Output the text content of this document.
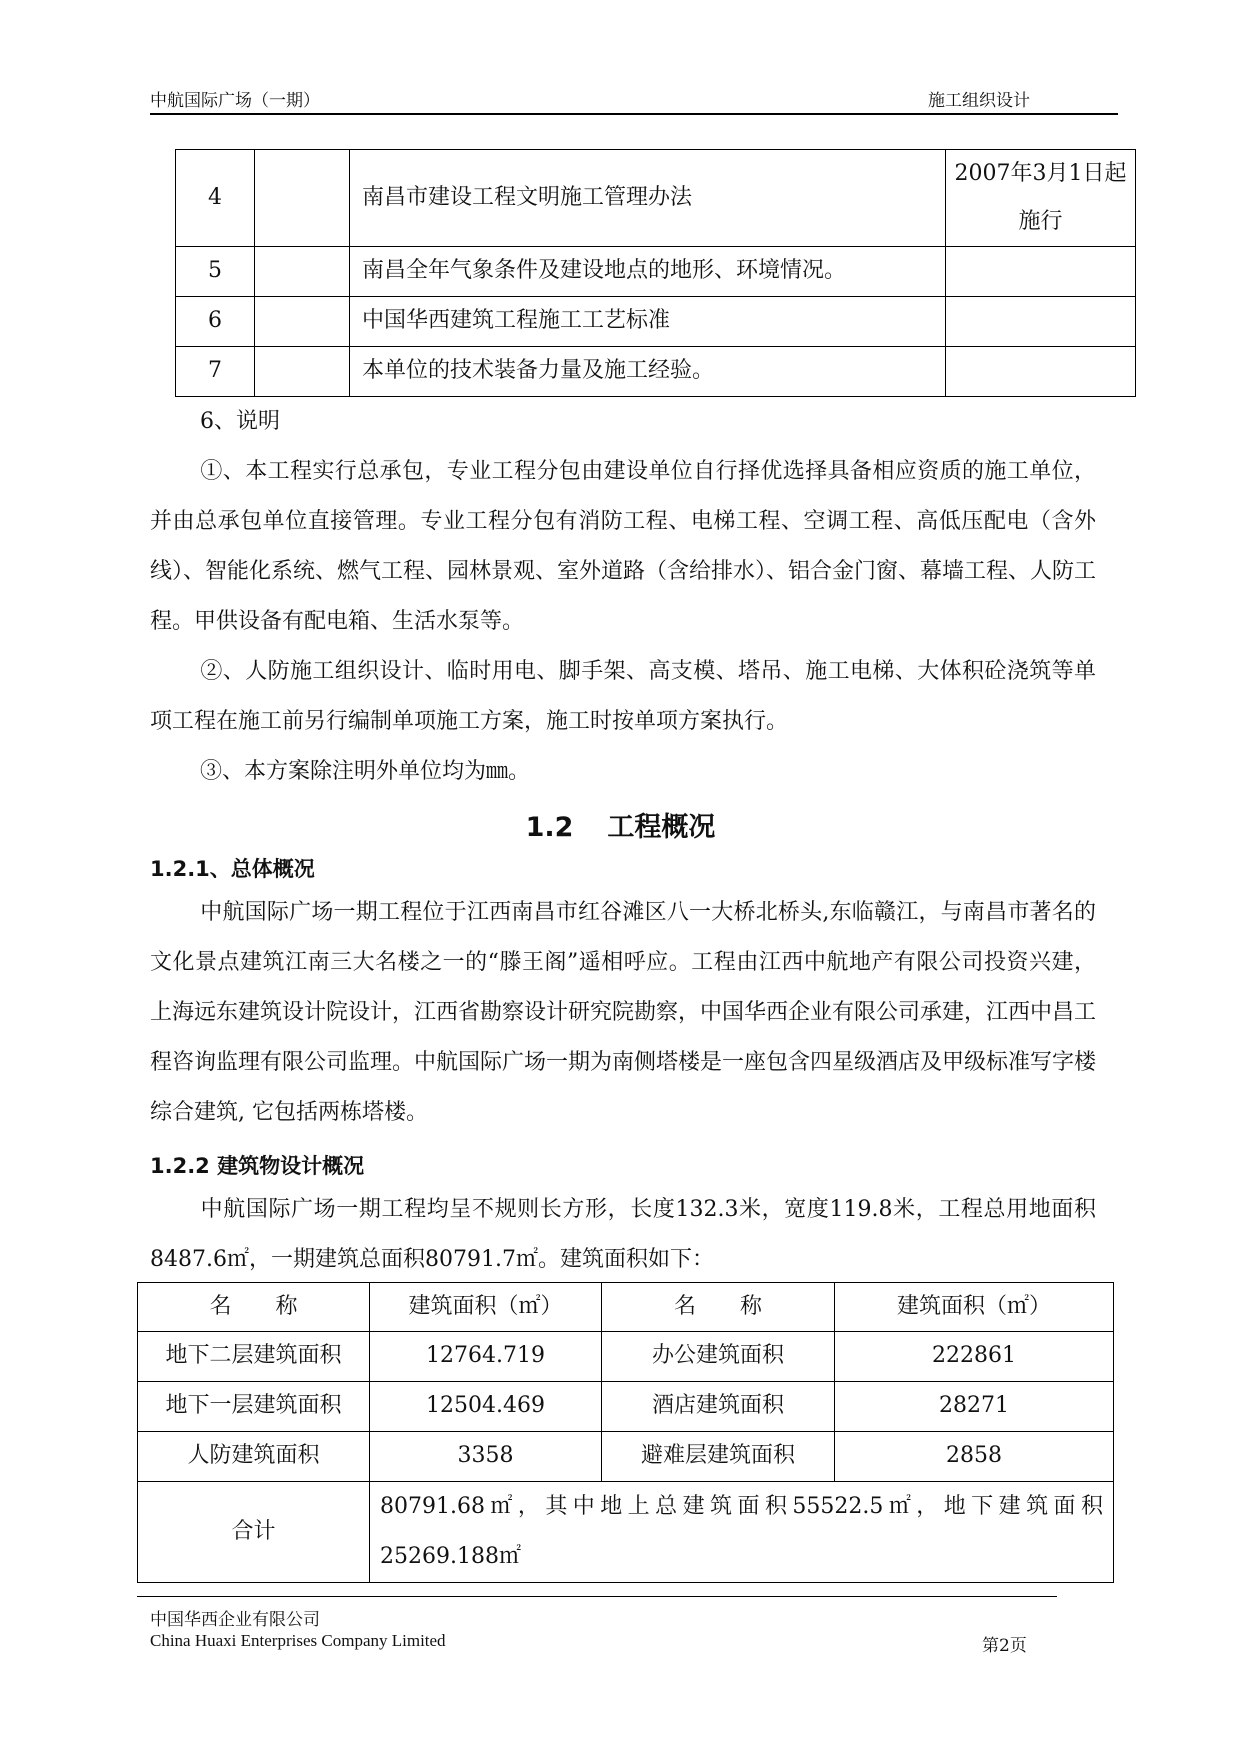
中航国际广场（一期）	施工组织设计
4		南昌市建设工程文明施工管理办法	2007年3月1日起施行
5		南昌全年气象条件及建设地点的地形、环境情况。	
6		中国华西建筑工程施工工艺标准	
7		本单位的技术装备力量及施工经验。	
6、说明
①、本工程实行总承包，专业工程分包由建设单位自行择优选择具备相应资质的施工单位，并由总承包单位直接管理。专业工程分包有消防工程、电梯工程、空调工程、高低压配电（含外线）、智能化系统、燃气工程、园林景观、室外道路（含给排水）、铝合金门窗、幕墙工程、人防工程。甲供设备有配电箱、生活水泵等。
②、人防施工组织设计、临时用电、脚手架、高支模、塔吊、施工电梯、大体积砼浇筑等单项工程在施工前另行编制单项施工方案，施工时按单项方案执行。
③、本方案除注明外单位均为㎜。
1.2 工程概况
1.2.1、总体概况
中航国际广场一期工程位于江西南昌市红谷滩区八一大桥北桥头,东临赣江，与南昌市著名的文化景点建筑江南三大名楼之一的“滕王阁”遥相呼应。工程由江西中航地产有限公司投资兴建，上海远东建筑设计院设计，江西省勘察设计研究院勘察，中国华西企业有限公司承建，江西中昌工程咨询监理有限公司监理。中航国际广场一期为南侧塔楼是一座包含四星级酒店及甲级标准写字楼综合建筑, 它包括两栋塔楼。
1.2.2 建筑物设计概况
中航国际广场一期工程均呈不规则长方形，长度132.3米，宽度119.8米，工程总用地面积8487.6㎡，一期建筑总面积80791.7㎡。建筑面积如下：
名　　称	建筑面积（㎡）	名　　称	建筑面积（㎡）
地下二层建筑面积	12764.719	办公建筑面积	222861
地下一层建筑面积	12504.469	酒店建筑面积	28271
人防建筑面积	3358	避难层建筑面积	2858
合计	80791.68㎡，其中地上总建筑面积55522.5㎡，地下建筑面积25269.188㎡		
中国华西企业有限公司
China Huaxi Enterprises Company Limited	第2页
